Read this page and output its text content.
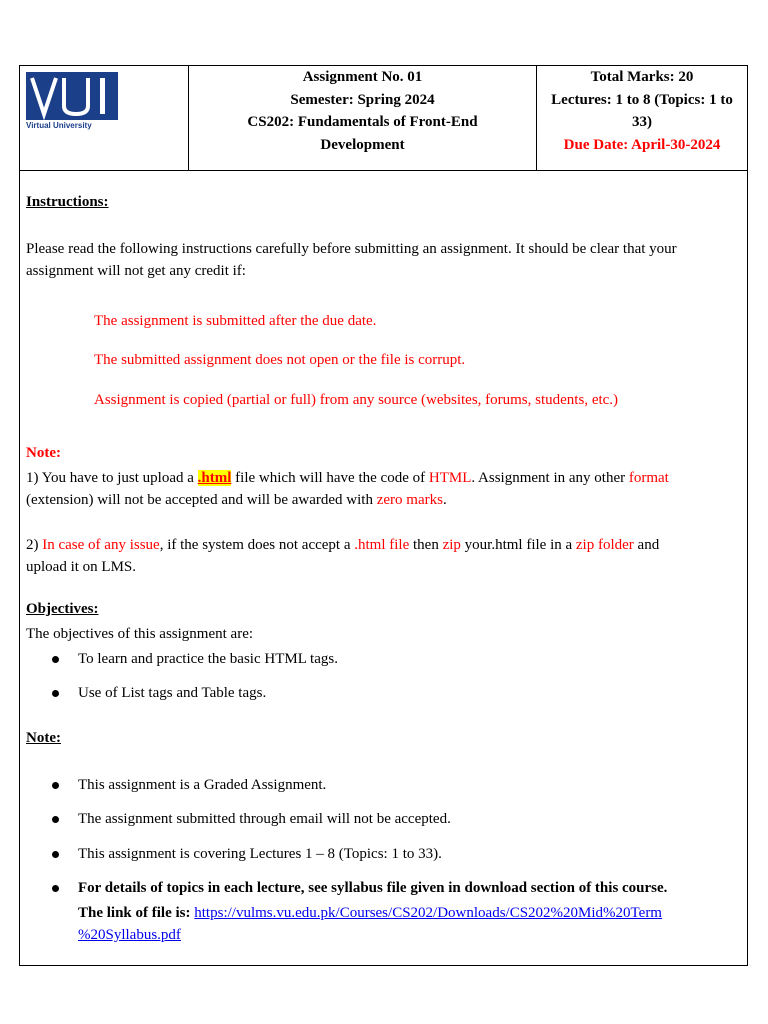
Virtual University
Assignment No. 01
Semester: Spring 2024
CS202: Fundamentals of Front-End
Development
Total Marks: 20
Lectures: 1 to 8 (Topics: 1 to
33)
Due Date: April-30-2024
Instructions:
Please read the following instructions carefully before submitting an assignment. It should be clear that your
assignment will not get any credit if:
The assignment is submitted after the due date.
The submitted assignment does not open or the file is corrupt.
Assignment is copied (partial or full) from any source (websites, forums, students, etc.)
Note:
1) You have to just upload a .html file which will have the code of HTML. Assignment in any other format
(extension) will not be accepted and will be awarded with zero marks.
2) In case of any issue, if the system does not accept a .html file then zip your.html file in a zip folder and
upload it on LMS.
Objectives:
The objectives of this assignment are:
To learn and practice the basic HTML tags.
Use of List tags and Table tags.
Note:
This assignment is a Graded Assignment.
The assignment submitted through email will not be accepted.
This assignment is covering Lectures 1 – 8 (Topics: 1 to 33).
For details of topics in each lecture, see syllabus file given in download section of this course.
The link of file is: https://vulms.vu.edu.pk/Courses/CS202/Downloads/CS202%20Mid%20Term
%20Syllabus.pdf
